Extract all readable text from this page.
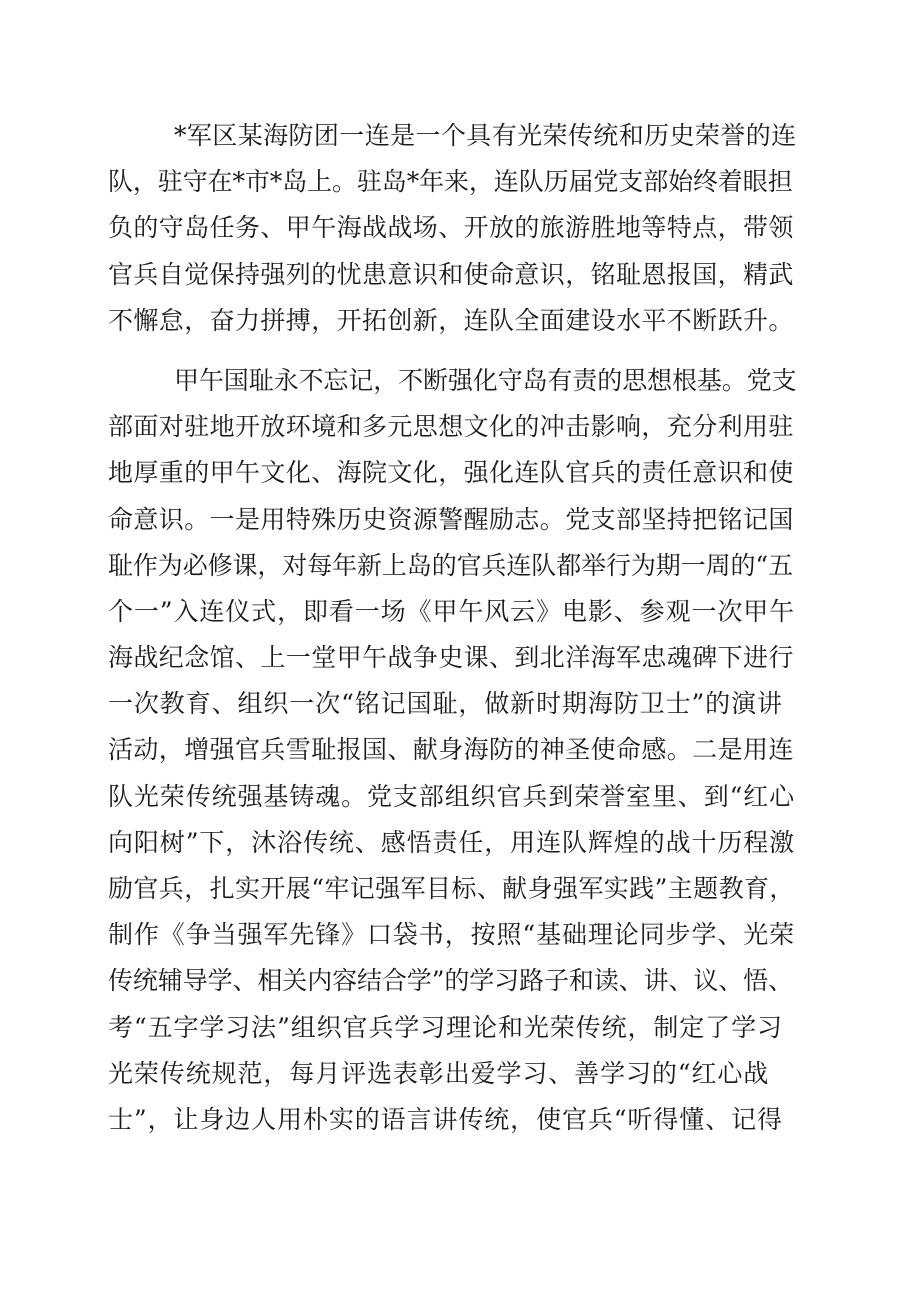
*军区某海防团一连是一个具有光荣传统和历史荣誉的连
队，驻守在*市*岛上。驻岛*年来，连队历届党支部始终着眼担
负的守岛任务、甲午海战战场、开放的旅游胜地等特点，带领
官兵自觉保持强列的忧患意识和使命意识，铭耻恩报国，精武
不懈怠，奋力拼搏，开拓创新，连队全面建设水平不断跃升。
甲午国耻永不忘记，不断强化守岛有责的思想根基。党支
部面对驻地开放环境和多元思想文化的冲击影响，充分利用驻
地厚重的甲午文化、海院文化，强化连队官兵的责任意识和使
命意识。一是用特殊历史资源警醒励志。党支部坚持把铭记国
耻作为必修课，对每年新上岛的官兵连队都举行为期一周的“五
个一”入连仪式，即看一场《甲午风云》电影、参观一次甲午
海战纪念馆、上一堂甲午战争史课、到北洋海军忠魂碑下进行
一次教育、组织一次“铭记国耻，做新时期海防卫士”的演讲
活动，增强官兵雪耻报国、献身海防的神圣使命感。二是用连
队光荣传统强基铸魂。党支部组织官兵到荣誉室里、到“红心
向阳树”下，沐浴传统、感悟责任，用连队辉煌的战十历程激
励官兵，扎实开展“牢记强军目标、献身强军实践”主题教育，
制作《争当强军先锋》口袋书，按照“基础理论同步学、光荣
传统辅导学、相关内容结合学”的学习路子和读、讲、议、悟、
考“五字学习法”组织官兵学习理论和光荣传统，制定了学习
光荣传统规范，每月评选表彰出爱学习、善学习的“红心战
士”，让身边人用朴实的语言讲传统，使官兵“听得懂、记得
